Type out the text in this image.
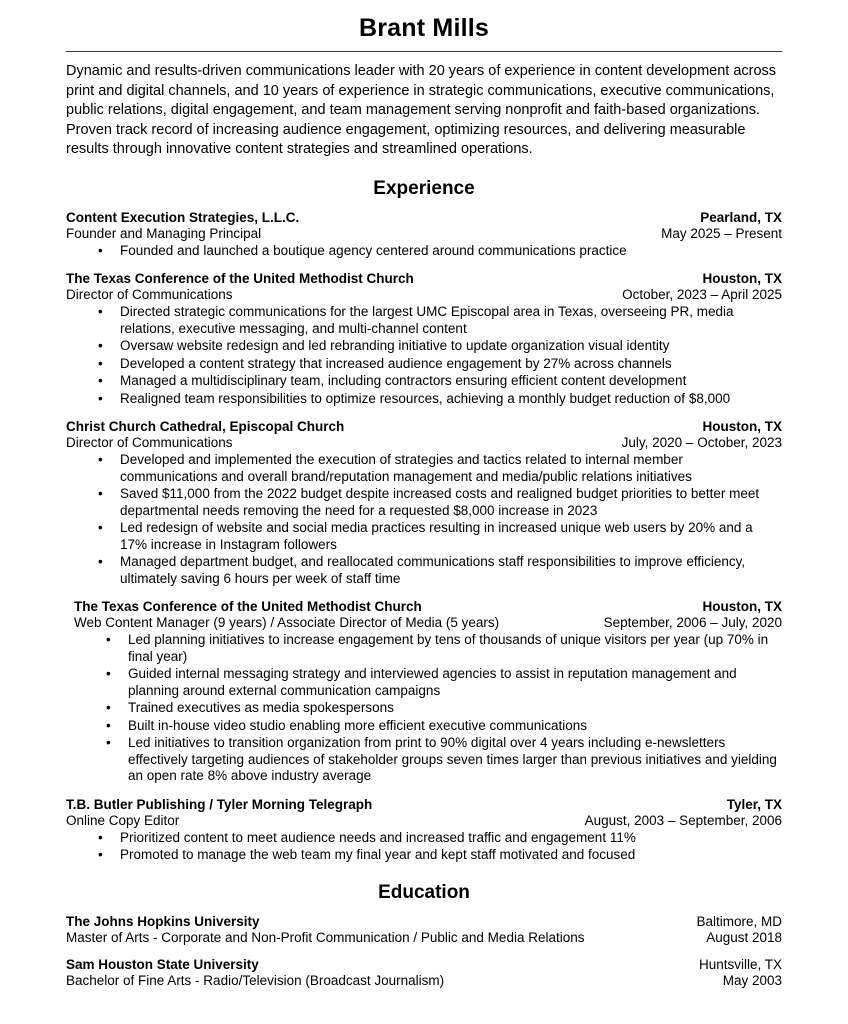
Brant Mills

Dynamic and results-driven communications leader with 20 years of experience in content development across print and digital channels, and 10 years of experience in strategic communications, executive communications, public relations, digital engagement, and team management serving nonprofit and faith-based organizations. Proven track record of increasing audience engagement, optimizing resources, and delivering measurable results through innovative content strategies and streamlined operations.

Experience
Content Execution Strategies, L.L.C.	Pearland, TX
Founder and Managing Principal	May 2025 – Present
• Founded and launched a boutique agency centered around communications practice
The Texas Conference of the United Methodist Church	Houston, TX
Director of Communications	October, 2023 – April 2025
• Directed strategic communications for the largest UMC Episcopal area in Texas, overseeing PR, media relations, executive messaging, and multi-channel content
• Oversaw website redesign and led rebranding initiative to update organization visual identity
• Developed a content strategy that increased audience engagement by 27% across channels
• Managed a multidisciplinary team, including contractors ensuring efficient content development
• Realigned team responsibilities to optimize resources, achieving a monthly budget reduction of $8,000
Christ Church Cathedral, Episcopal Church	Houston, TX
Director of Communications	July, 2020 – October, 2023
• Developed and implemented the execution of strategies and tactics related to internal member communications and overall brand/reputation management and media/public relations initiatives
• Saved $11,000 from the 2022 budget despite increased costs and realigned budget priorities to better meet departmental needs removing the need for a requested $8,000 increase in 2023
• Led redesign of website and social media practices resulting in increased unique web users by 20% and a 17% increase in Instagram followers
• Managed department budget, and reallocated communications staff responsibilities to improve efficiency, ultimately saving 6 hours per week of staff time
The Texas Conference of the United Methodist Church	Houston, TX
Web Content Manager (9 years) / Associate Director of Media (5 years)	September, 2006 – July, 2020
• Led planning initiatives to increase engagement by tens of thousands of unique visitors per year (up 70% in final year)
• Guided internal messaging strategy and interviewed agencies to assist in reputation management and planning around external communication campaigns
• Trained executives as media spokespersons
• Built in-house video studio enabling more efficient executive communications
• Led initiatives to transition organization from print to 90% digital over 4 years including e-newsletters effectively targeting audiences of stakeholder groups seven times larger than previous initiatives and yielding an open rate 8% above industry average
T.B. Butler Publishing / Tyler Morning Telegraph	Tyler, TX
Online Copy Editor	August, 2003 – September, 2006
• Prioritized content to meet audience needs and increased traffic and engagement 11%
• Promoted to manage the web team my final year and kept staff motivated and focused
Education
The Johns Hopkins University	Baltimore, MD
Master of Arts - Corporate and Non-Profit Communication / Public and Media Relations	August 2018
Sam Houston State University	Huntsville, TX
Bachelor of Fine Arts - Radio/Television (Broadcast Journalism)	May 2003
